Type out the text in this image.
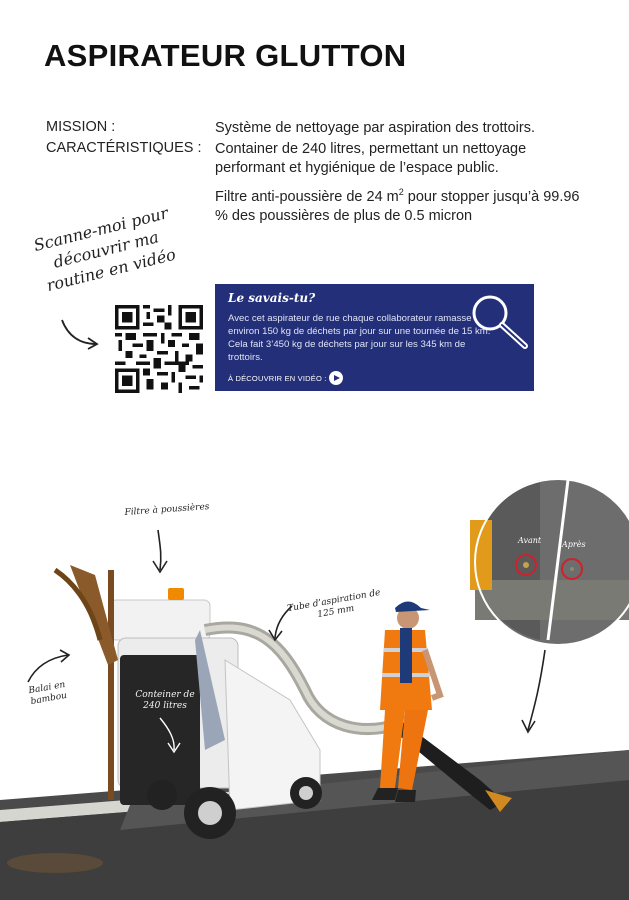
ASPIRATEUR GLUTTON
MISSION :	Système de nettoyage par aspiration des trottoirs.
CARACTÉRISTIQUES : Container de 240 litres, permettant un nettoyage performant et hygiénique de l’espace public.
Filtre anti-poussière de 24 $m^2$ pour stopper jusqu’à 99.96 % des poussières de plus de 0.5 micron
Scanne-moi pour découvrir ma routine en vidéo
Le savais-tu?
Avec cet aspirateur de rue chaque collaborateur ramasse environ 150 kg de déchets par jour sur une tournée de 15 km. Cela fait 3’450 kg de déchets par jour sur les 345 km de trottoirs.
À DÉCOUVRIR EN VIDÉO :
Avant	Après
Filtre à poussières
Tube d’aspiration de 125 mm
Balai en bambou	Conteiner de 240 litres
